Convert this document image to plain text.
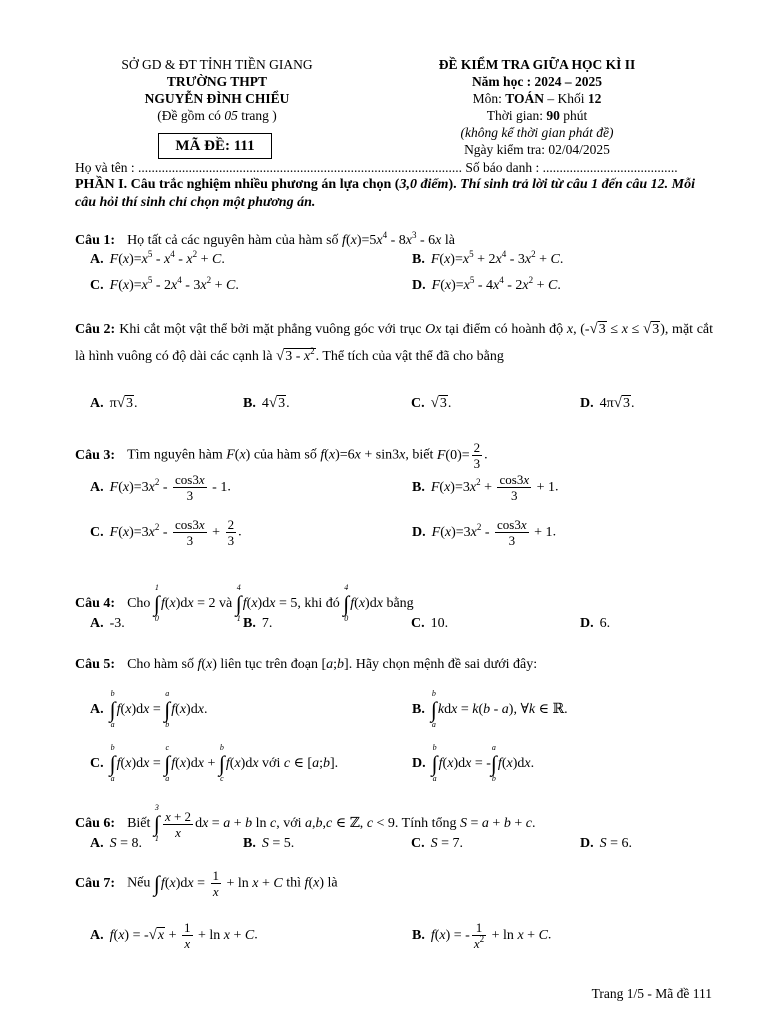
SỞ GD & ĐT TỈNH TIỀN GIANG
TRƯỜNG THPT
NGUYỄN ĐÌNH CHIỂU
(Đề gồm có 05 trang )
MÃ ĐỀ: 111
ĐỀ KIỂM TRA GIỮA HỌC KÌ II
Năm học : 2024 – 2025
Môn: TOÁN – Khối 12
Thời gian: 90 phút
(không kể thời gian phát đề)
Ngày kiểm tra: 02/04/2025
Họ và tên : ................................................................................................ Số báo danh : ........................................
PHẦN I. Câu trắc nghiệm nhiều phương án lựa chọn (3,0 điểm). Thí sinh trả lời từ câu 1 đến câu 12. Mỗi câu hỏi thí sinh chỉ chọn một phương án.
Câu 1: Họ tất cả các nguyên hàm của hàm số $f(x)=5x^4 - 8x^3 - 6x$ là
A. $F(x)=x^5 - x^4 - x^2 + C$.	B. $F(x)=x^5 + 2x^4 - 3x^2 + C$.
C. $F(x)=x^5 - 2x^4 - 3x^2 + C$.	D. $F(x)=x^5 - 4x^4 - 2x^2 + C$.
Câu 2: Khi cắt một vật thể bởi mặt phẳng vuông góc với trục Ox tại điểm có hoành độ x, (-√3 ≤ x ≤ √3), mặt cắt là hình vuông có độ dài các cạnh là $√3 - x^2$. Thể tích của vật thể đã cho bằng
A. π√3.	B. 4√3.	C. √3.	D. 4π√3.
Câu 3: Tìm nguyên hàm F(x) của hàm số f(x)=6x + sin3x, biết $F(0)= \frac{2}{3}$ .
A. $F(x)=3x^2 - \frac{\cos 3x}{3} - 1$.	B. $F(x)=3x^2 + \frac{\cos 3x}{3} + 1$.
C. $F(x)=3x^2 - \frac{\cos 3x}{3} + \frac{2}{3}$ .	D. $F(x)=3x^2 - \frac{\cos 3x}{3} + 1$.
Câu 4: Cho
1
∫
0
f(x)dx = 2 và
4
∫
1
f(x)dx = 5, khi đó
4
∫
0
f(x)dx bằng
A. -3.	B. 7.	C. 10.	D. 6.
Câu 5: Cho hàm số f(x) liên tục trên đoạn [a;b]. Hãy chọn mệnh đề sai dưới đây:
A.
b
∫
a
f(x)dx =
a
∫
b
f(x)dx.	B.
b
∫
a
kdx = k(b - a), ∀k ∈ ℝ.
C.
b
∫
a
f(x)dx =
c
∫
a
f(x)dx +
b
∫
c
f(x)dx với c ∈ [a;b].	D.
b
∫
a
f(x)dx = -
a
∫
b
f(x)dx.
Câu 6: Biết
3
∫
$1 \frac{x + 2}{x}$ dx = a + b ln c, với a,b,c ∈ ℤ, c < 9. Tính tổng S = a + b + c.
A. S = 8.	B. S = 5.	C. S = 7.	D. S = 6.
Câu 7: Nếu ∫ $f(x)dx = \frac{1}{x} + \ln x + C$ thì f(x) là
A. $f(x) = -√x + \frac{1}{x} + \ln x + C$.	B. f(x) = - $\frac{1}{x^2} + \ln x + C$.
Trang 1/5 - Mã đề 111
